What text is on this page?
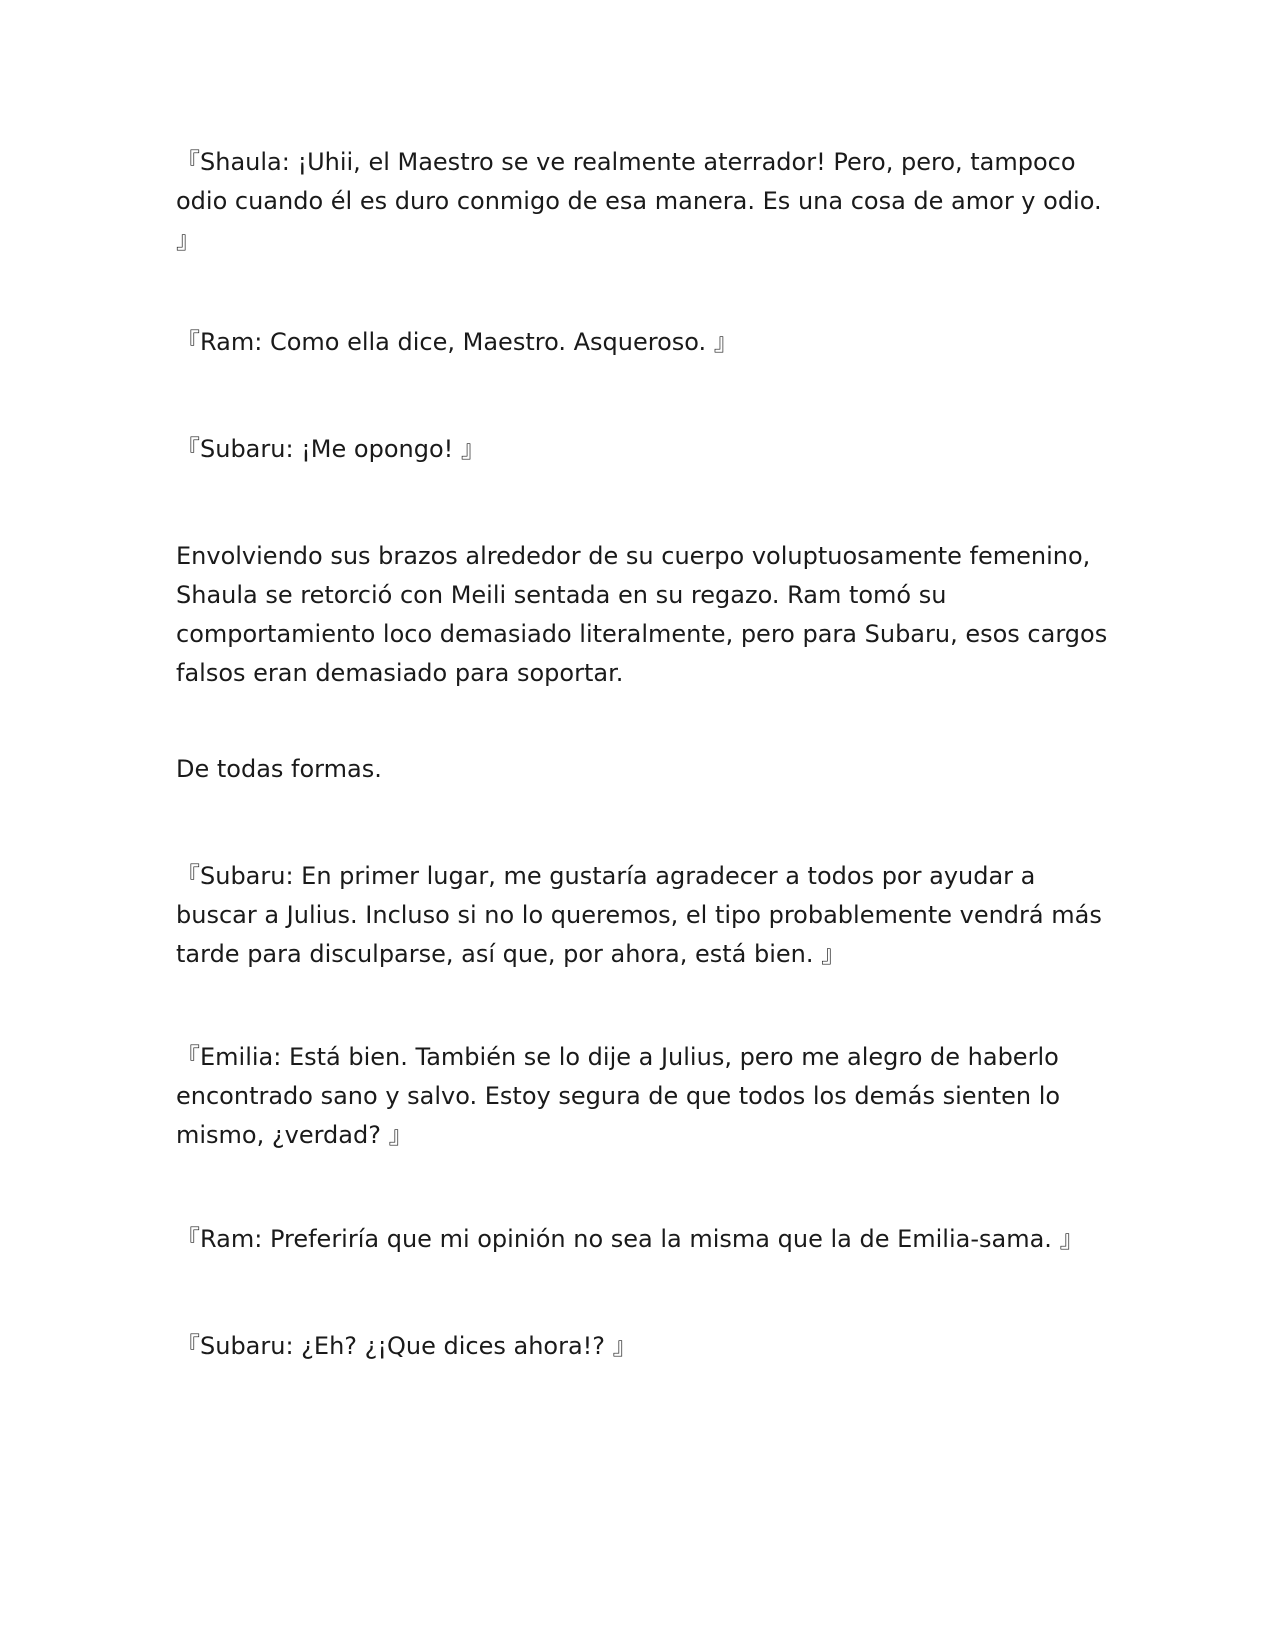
『Shaula: ¡Uhii, el Maestro se ve realmente aterrador! Pero, pero, tampoco odio cuando él es duro conmigo de esa manera. Es una cosa de amor y odio. 』

『Ram: Como ella dice, Maestro. Asqueroso. 』

『Subaru: ¡Me opongo! 』

Envolviendo sus brazos alrededor de su cuerpo voluptuosamente femenino, Shaula se retorció con Meili sentada en su regazo. Ram tomó su comportamiento loco demasiado literalmente, pero para Subaru, esos cargos falsos eran demasiado para soportar.

De todas formas.

『Subaru: En primer lugar, me gustaría agradecer a todos por ayudar a buscar a Julius. Incluso si no lo queremos, el tipo probablemente vendrá más tarde para disculparse, así que, por ahora, está bien. 』

『Emilia: Está bien. También se lo dije a Julius, pero me alegro de haberlo encontrado sano y salvo. Estoy segura de que todos los demás sienten lo mismo, ¿verdad? 』

『Ram: Preferiría que mi opinión no sea la misma que la de Emilia-sama. 』

『Subaru: ¿Eh? ¿¡Que dices ahora!? 』
